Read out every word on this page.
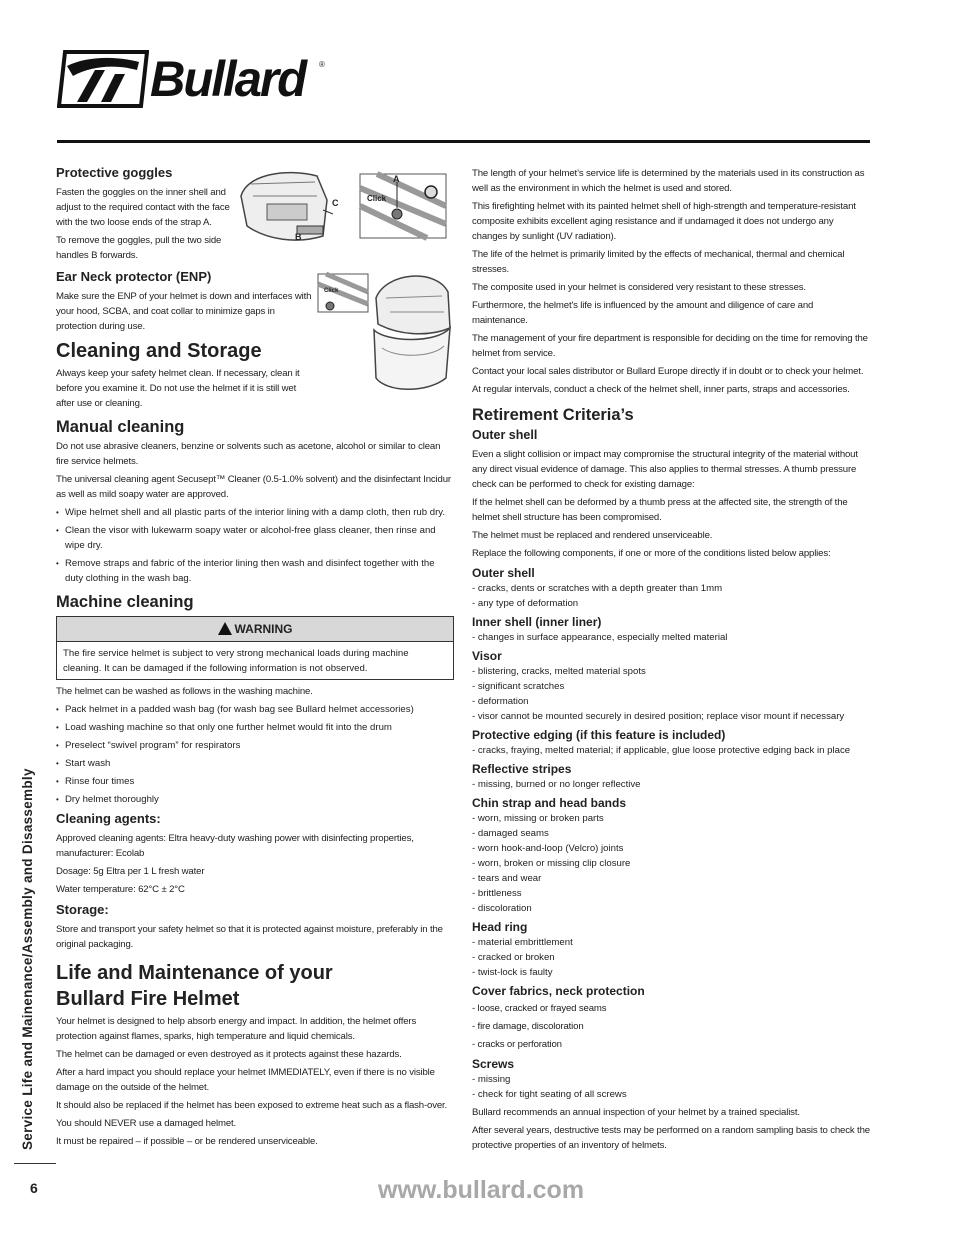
Bullard ®
A
C
B
Click
Click
Protective goggles

Fasten the goggles on the inner shell and adjust to the required contact with the face with the two loose ends of the strap A.

To remove the goggles, pull the two side handles B forwards.

Ear Neck protector (ENP)

Make sure the ENP of your helmet is down and interfaces with your hood, SCBA, and coat collar to minimize gaps in protection during use.

Cleaning and Storage

Always keep your safety helmet clean. If necessary, clean it before you examine it. Do not use the helmet if it is still wet after use or cleaning.

Manual cleaning

Do not use abrasive cleaners, benzine or solvents such as acetone, alcohol or similar to clean fire service helmets.

The universal cleaning agent Secusept™ Cleaner (0.5-1.0% solvent) and the disinfectant Incidur as well as mild soapy water are approved.

• Wipe helmet shell and all plastic parts of the interior lining with a damp cloth, then rub dry.
• Clean the visor with lukewarm soapy water or alcohol-free glass cleaner, then rinse and wipe dry.
• Remove straps and fabric of the interior lining then wash and disinfect together with the duty clothing in the wash bag.
Machine cleaning
WARNING
The fire service helmet is subject to very strong mechanical loads during machine cleaning. It can be damaged if the following information is not observed.

The helmet can be washed as follows in the washing machine.

• Pack helmet in a padded wash bag (for wash bag see Bullard helmet accessories)
• Load washing machine so that only one further helmet would fit into the drum
• Preselect “swivel program” for respirators
• Start wash
• Rinse four times
• Dry helmet thoroughly
Cleaning agents:

Approved cleaning agents: Eltra heavy-duty washing power with disinfecting properties, manufacturer: Ecolab

Dosage: 5g Eltra per 1 L fresh water

Water temperature: 62°C ± 2°C

Storage:

Store and transport your safety helmet so that it is protected against moisture, preferably in the original packaging.

Life and Maintenance of your
Bullard Fire Helmet

Your helmet is designed to help absorb energy and impact. In addition, the helmet offers protection against flames, sparks, high temperature and liquid chemicals.

The helmet can be damaged or even destroyed as it protects against these hazards.

After a hard impact you should replace your helmet IMMEDIATELY, even if there is no visible damage on the outside of the helmet.

It should also be replaced if the helmet has been exposed to extreme heat such as a flash-over.

You should NEVER use a damaged helmet.

It must be repaired – if possible – or be rendered unserviceable.

The length of your helmet’s service life is determined by the materials used in its construction as well as the environment in which the helmet is used and stored.

This firefighting helmet with its painted helmet shell of high-strength and temperature-resistant composite exhibits excellent aging resistance and if undamaged it does not undergo any changes by sunlight (UV radiation).

The life of the helmet is primarily limited by the effects of mechanical, thermal and chemical stresses.

The composite used in your helmet is considered very resistant to these stresses.

Furthermore, the helmet's life is influenced by the amount and diligence of care and maintenance.

The management of your fire department is responsible for deciding on the time for removing the helmet from service.

Contact your local sales distributor or Bullard Europe directly if in doubt or to check your helmet.

At regular intervals, conduct a check of the helmet shell, inner parts, straps and accessories.

Retirement Criteria’s
Outer shell

Even a slight collision or impact may compromise the structural integrity of the material without any direct visual evidence of damage. This also applies to thermal stresses. A thumb pressure check can be performed to check for existing damage:

If the helmet shell can be deformed by a thumb press at the affected site, the strength of the helmet shell structure has been compromised.

The helmet must be replaced and rendered unserviceable.

Replace the following components, if one or more of the conditions listed below applies:

Outer shell
- cracks, dents or scratches with a depth greater than 1mm
- any type of deformation
Inner shell (inner liner)
- changes in surface appearance, especially melted material
Visor
- blistering, cracks, melted material spots
- significant scratches
- deformation
- visor cannot be mounted securely in desired position; replace visor mount if necessary
Protective edging (if this feature is included)
- cracks, fraying, melted material; if applicable, glue loose protective edging back in place
Reflective stripes
- missing, burned or no longer reflective
Chin strap and head bands
- worn, missing or broken parts
- damaged seams
- worn hook-and-loop (Velcro) joints
- worn, broken or missing clip closure
- tears and wear
- brittleness
- discoloration
Head ring
- material embrittlement
- cracked or broken
- twist-lock is faulty
Cover fabrics, neck protection

- loose, cracked or frayed seams

- fire damage, discoloration

- cracks or perforation

Screws
- missing
- check for tight seating of all screws

Bullard recommends an annual inspection of your helmet by a trained specialist.

After several years, destructive tests may be performed on a random sampling basis to check the protective properties of an inventory of helmets.

Service Life and Mainenance/Assembly and Disassembly
6	www.bullard.com
